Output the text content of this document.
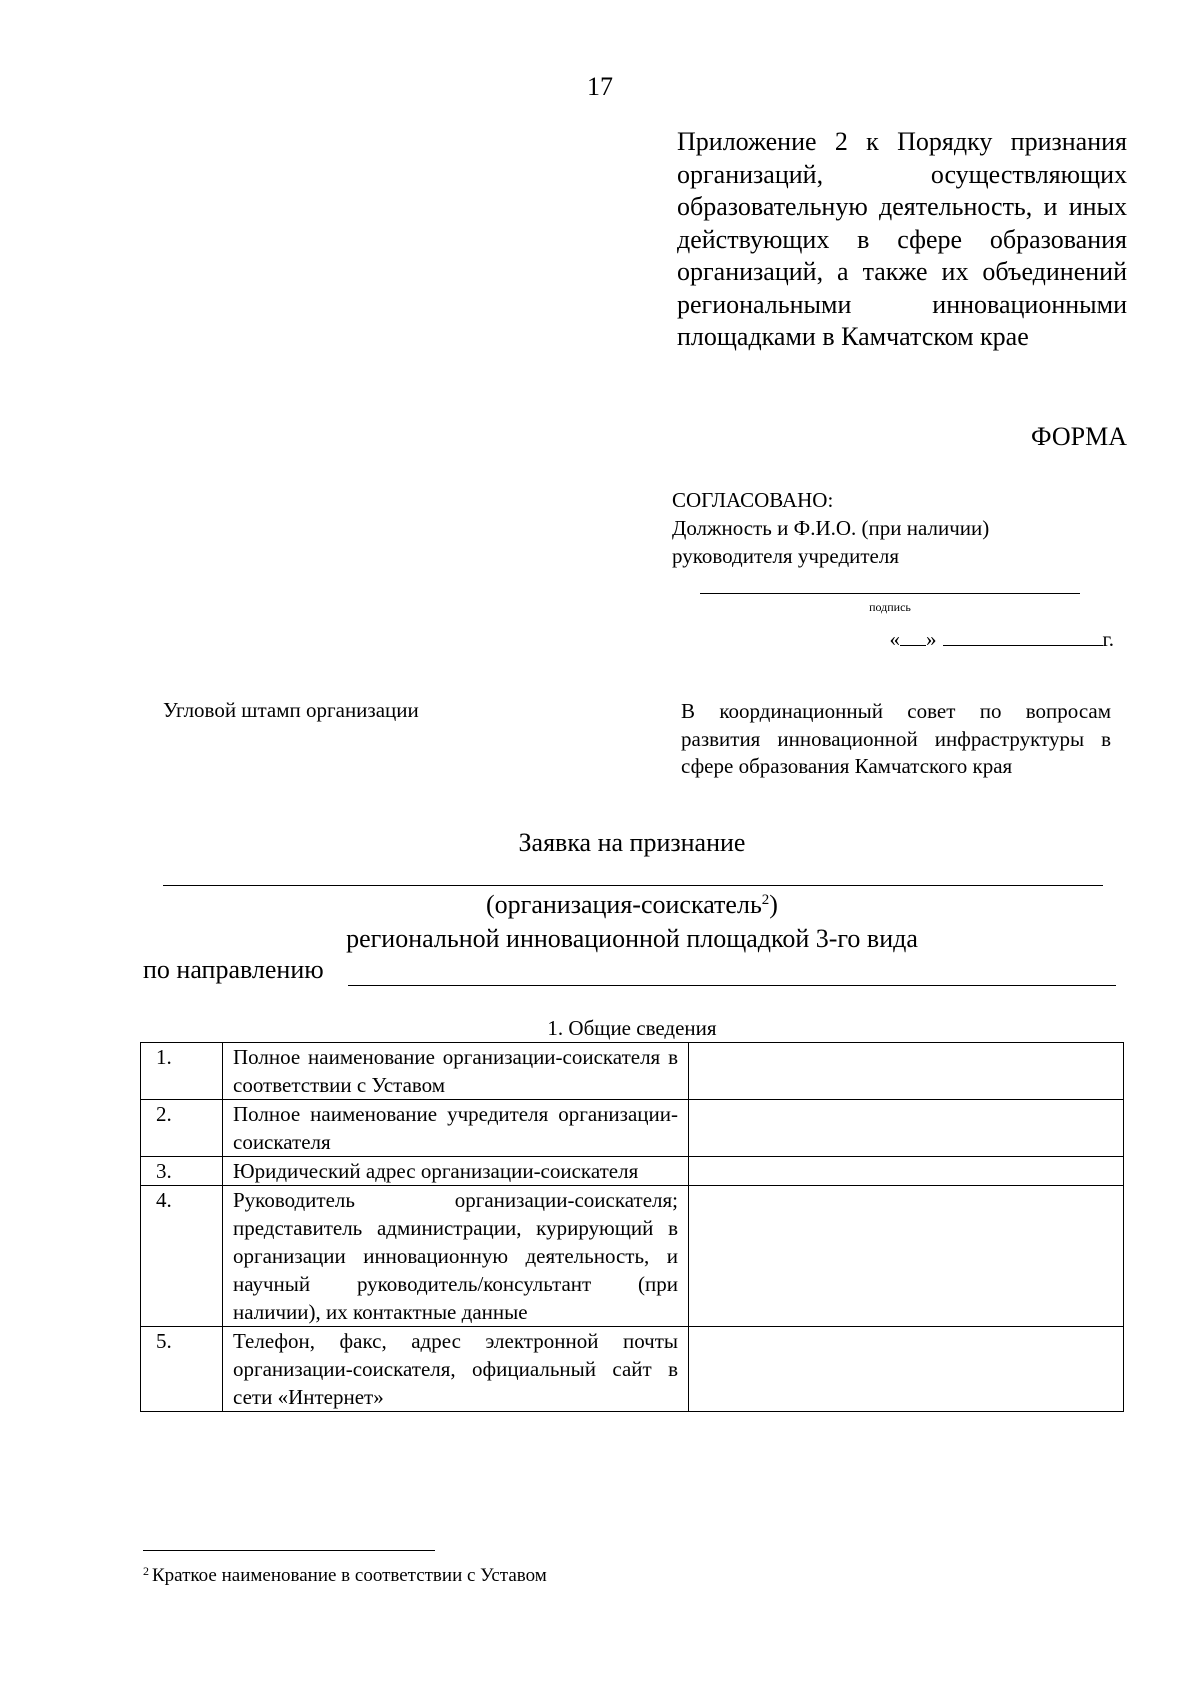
17
Приложение 2 к Порядку признания организаций, осуществляющих образовательную деятельность, и иных действующих в сфере образования организаций, а также их объединений региональными инновационными площадками в Камчатском крае
ФОРМА
СОГЛАСОВАНО:
Должность и Ф.И.О. (при наличии)
руководителя учредителя
подпись
« »	г.
Угловой штамп организации	В координационный совет по вопросам развития инновационной инфраструктуры в сфере образования Камчатского края
Заявка на признание
(организация-соискатель$^2$)
региональной инновационной площадкой 3-го вида
по направлению
1. Общие сведения
1.	Полное наименование организации-соискателя в соответствии с Уставом	
2.	Полное наименование учредителя организации-соискателя	
3.	Юридический адрес организации-соискателя	
4.	Руководитель организации-соискателя; представитель администрации, курирующий в организации инновационную деятельность, и научный руководитель/консультант (при наличии), их контактные данные	
5.	Телефон, факс, адрес электронной почты организации-соискателя, официальный сайт в сети «Интернет»	
$^2$ Краткое наименование в соответствии с Уставом
